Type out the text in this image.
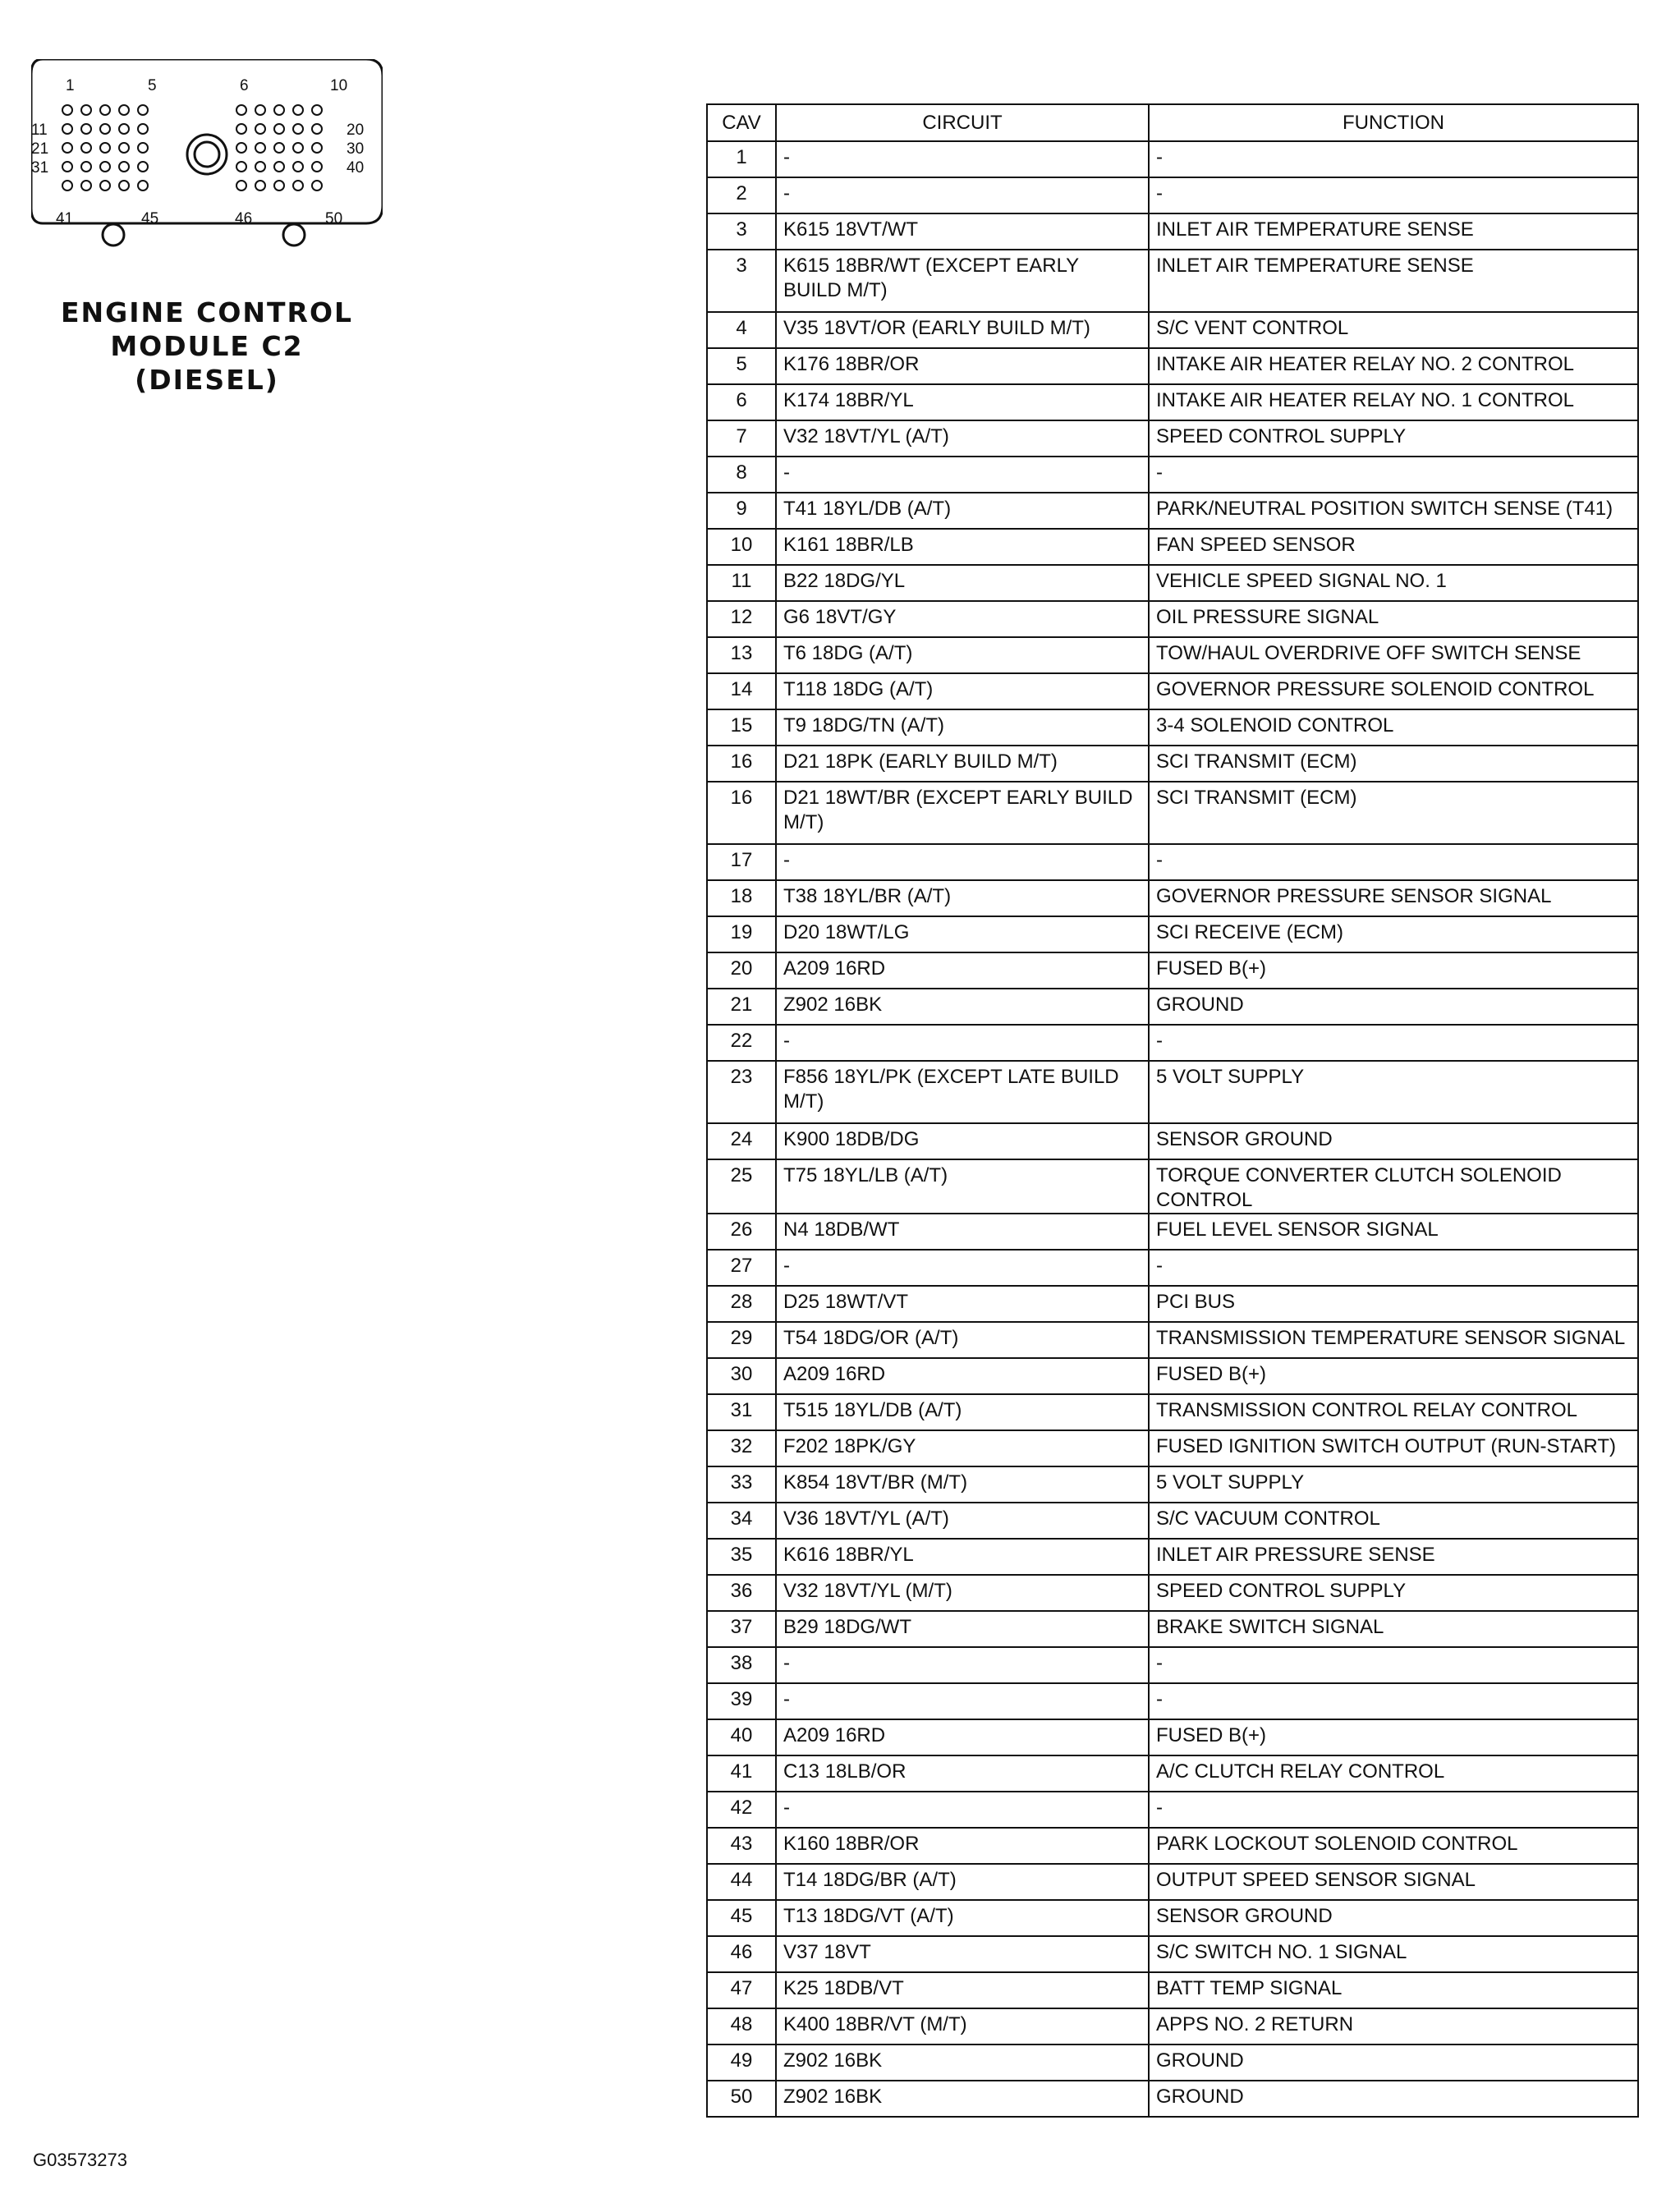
1	5	6	10
11
21
31
20
30
40
41	45	46	50
ENGINE CONTROL
MODULE C2
(DIESEL)
CAV	CIRCUIT	FUNCTION
1	-	-
2	-	-
3	K615 18VT/WT	INLET AIR TEMPERATURE SENSE
3	K615 18BR/WT (EXCEPT EARLY BUILD M/T)	INLET AIR TEMPERATURE SENSE
4	V35 18VT/OR (EARLY BUILD M/T)	S/C VENT CONTROL
5	K176 18BR/OR	INTAKE AIR HEATER RELAY NO. 2 CONTROL
6	K174 18BR/YL	INTAKE AIR HEATER RELAY NO. 1 CONTROL
7	V32 18VT/YL (A/T)	SPEED CONTROL SUPPLY
8	-	-
9	T41 18YL/DB (A/T)	PARK/NEUTRAL POSITION SWITCH SENSE (T41)
10	K161 18BR/LB	FAN SPEED SENSOR
11	B22 18DG/YL	VEHICLE SPEED SIGNAL NO. 1
12	G6 18VT/GY	OIL PRESSURE SIGNAL
13	T6 18DG (A/T)	TOW/HAUL OVERDRIVE OFF SWITCH SENSE
14	T118 18DG (A/T)	GOVERNOR PRESSURE SOLENOID CONTROL
15	T9 18DG/TN (A/T)	3-4 SOLENOID CONTROL
16	D21 18PK (EARLY BUILD M/T)	SCI TRANSMIT (ECM)
16	D21 18WT/BR (EXCEPT EARLY BUILD M/T)	SCI TRANSMIT (ECM)
17	-	-
18	T38 18YL/BR (A/T)	GOVERNOR PRESSURE SENSOR SIGNAL
19	D20 18WT/LG	SCI RECEIVE (ECM)
20	A209 16RD	FUSED B(+)
21	Z902 16BK	GROUND
22	-	-
23	F856 18YL/PK (EXCEPT LATE BUILD M/T)	5 VOLT SUPPLY
24	K900 18DB/DG	SENSOR GROUND
25	T75 18YL/LB (A/T)	TORQUE CONVERTER CLUTCH SOLENOID CONTROL
26	N4 18DB/WT	FUEL LEVEL SENSOR SIGNAL
27	-	-
28	D25 18WT/VT	PCI BUS
29	T54 18DG/OR (A/T)	TRANSMISSION TEMPERATURE SENSOR SIGNAL
30	A209 16RD	FUSED B(+)
31	T515 18YL/DB (A/T)	TRANSMISSION CONTROL RELAY CONTROL
32	F202 18PK/GY	FUSED IGNITION SWITCH OUTPUT (RUN-START)
33	K854 18VT/BR (M/T)	5 VOLT SUPPLY
34	V36 18VT/YL (A/T)	S/C VACUUM CONTROL
35	K616 18BR/YL	INLET AIR PRESSURE SENSE
36	V32 18VT/YL (M/T)	SPEED CONTROL SUPPLY
37	B29 18DG/WT	BRAKE SWITCH SIGNAL
38	-	-
39	-	-
40	A209 16RD	FUSED B(+)
41	C13 18LB/OR	A/C CLUTCH RELAY CONTROL
42	-	-
43	K160 18BR/OR	PARK LOCKOUT SOLENOID CONTROL
44	T14 18DG/BR (A/T)	OUTPUT SPEED SENSOR SIGNAL
45	T13 18DG/VT (A/T)	SENSOR GROUND
46	V37 18VT	S/C SWITCH NO. 1 SIGNAL
47	K25 18DB/VT	BATT TEMP SIGNAL
48	K400 18BR/VT (M/T)	APPS NO. 2 RETURN
49	Z902 16BK	GROUND
50	Z902 16BK	GROUND
G03573273
